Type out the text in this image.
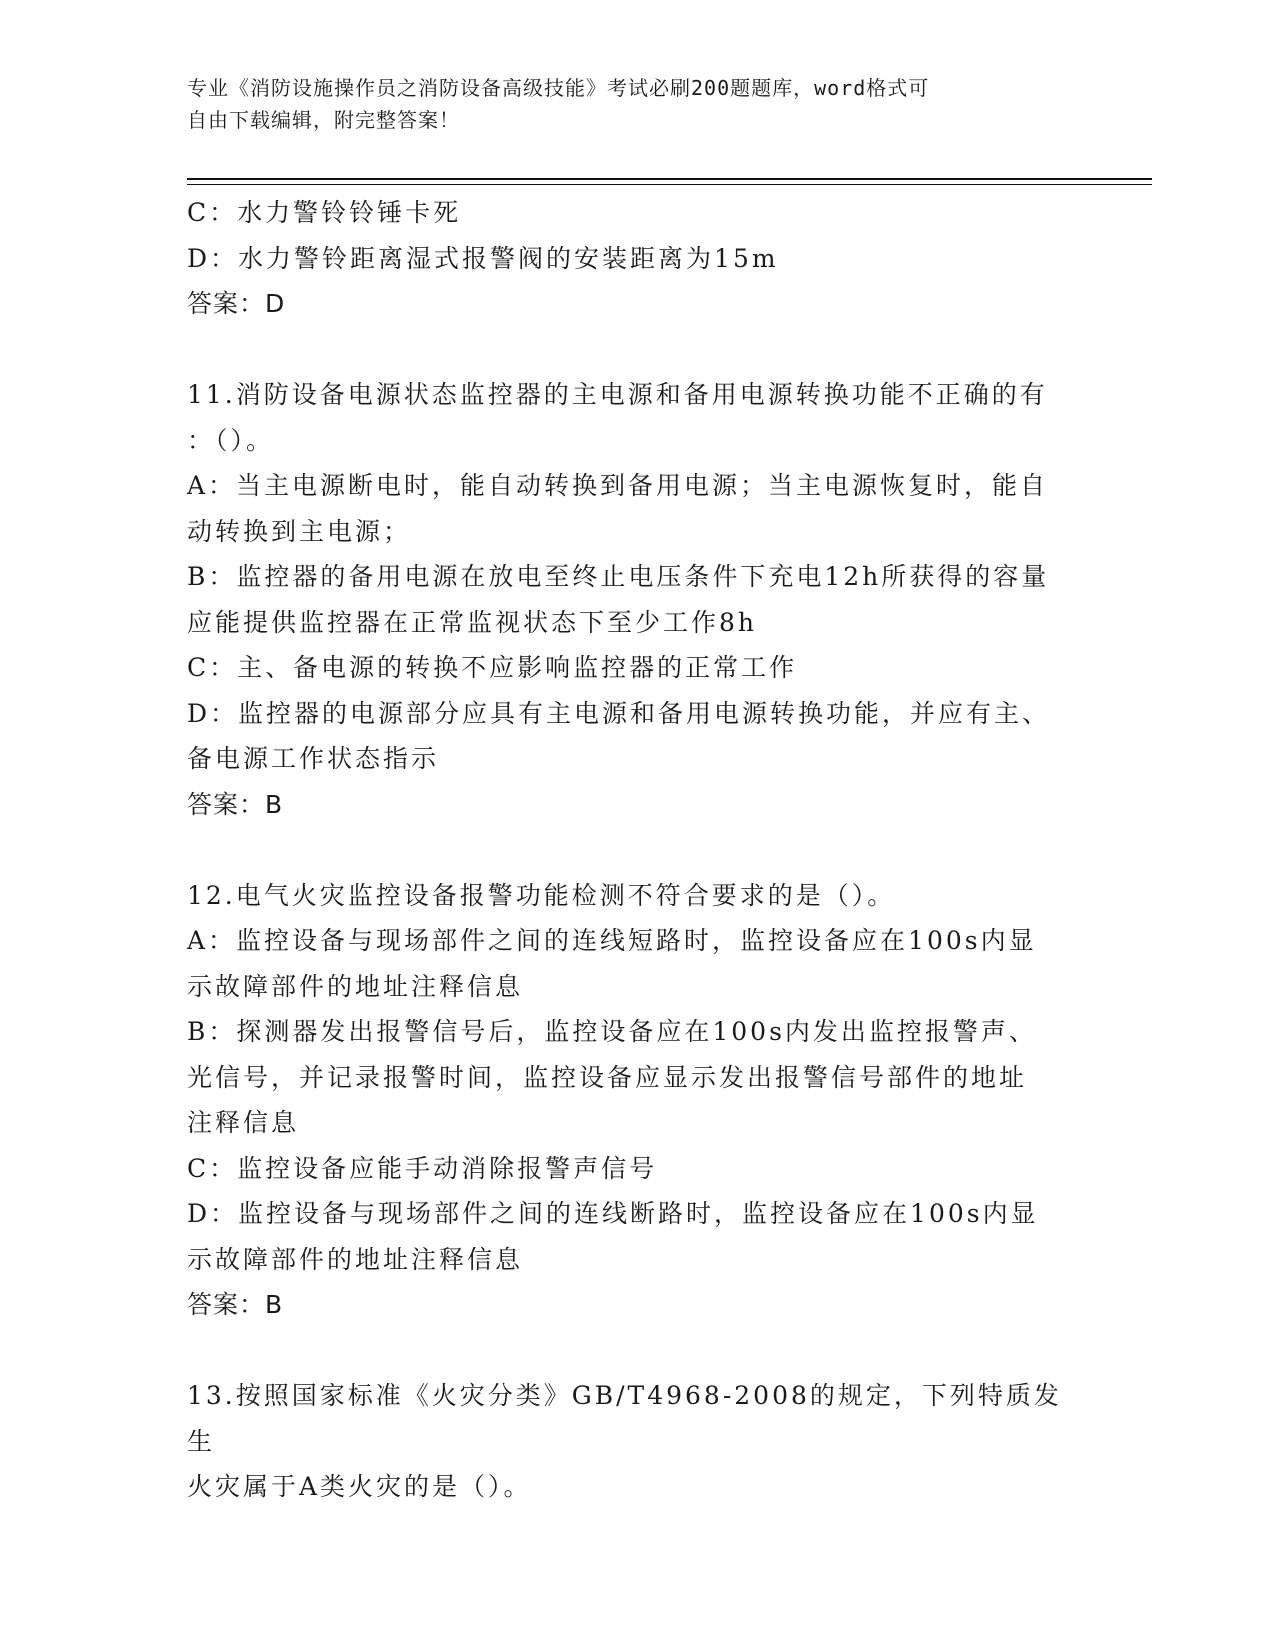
专业《消防设施操作员之消防设备高级技能》考试必刷200题题库，word格式可
自由下载编辑，附完整答案！
C：水力警铃铃锤卡死
D：水力警铃距离湿式报警阀的安装距离为15m
答案：D
11.消防设备电源状态监控器的主电源和备用电源转换功能不正确的有
：（）。
A：当主电源断电时，能自动转换到备用电源；当主电源恢复时，能自
动转换到主电源；
B：监控器的备用电源在放电至终止电压条件下充电12h所获得的容量
应能提供监控器在正常监视状态下至少工作8h
C：主、备电源的转换不应影响监控器的正常工作
D：监控器的电源部分应具有主电源和备用电源转换功能，并应有主、
备电源工作状态指示
答案：B
12.电气火灾监控设备报警功能检测不符合要求的是（）。
A：监控设备与现场部件之间的连线短路时，监控设备应在100s内显
示故障部件的地址注释信息
B：探测器发出报警信号后，监控设备应在100s内发出监控报警声、
光信号，并记录报警时间，监控设备应显示发出报警信号部件的地址
注释信息
C：监控设备应能手动消除报警声信号
D：监控设备与现场部件之间的连线断路时，监控设备应在100s内显
示故障部件的地址注释信息
答案：B
13.按照国家标准《火灾分类》GB/T4968-2008的规定，下列特质发生
火灾属于A类火灾的是（）。
